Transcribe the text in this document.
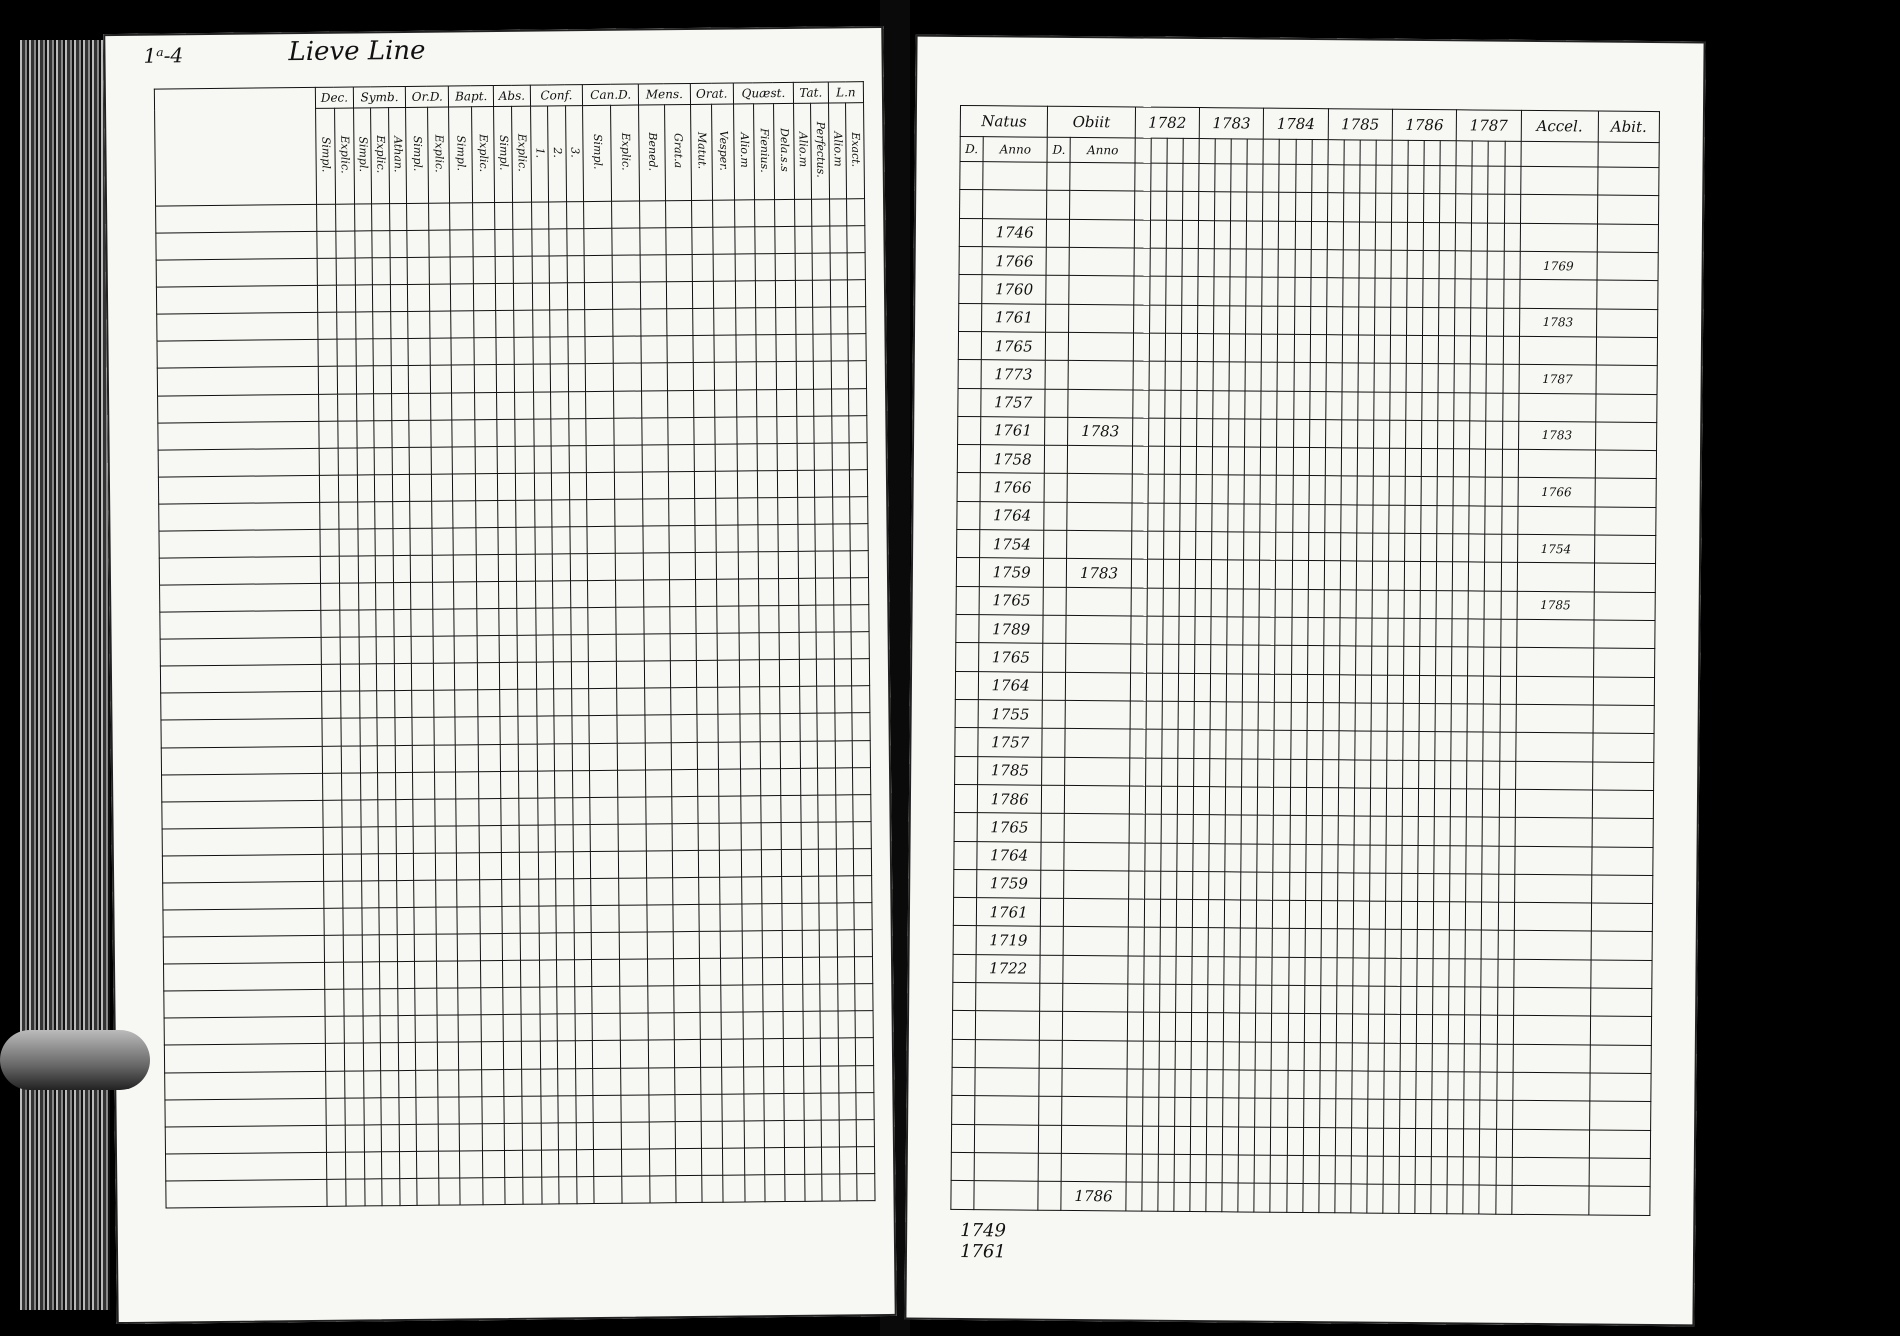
1ᵃ-4	Lieve Line
	Dec.		Symb.			Or.D.		Bapt.		Abs.		Conf.			Can.D.		Mens.		Orat.		Quæst.			Tat.		L.n	
	Simpl.	Explic.	Simpl.	Explic.	Athan.	Simpl.	Explic.	Simpl.	Explic.	Simpl.	Explic.	1.	2.	3.	Simpl.	Explic.	Bened.	Grat.a	Matut.	Vesper.	Alio.m	Fienius.	Dela.s.s	Alio.m	Perfectus.	Alio.m	Exact.

Natus		Obiit		1782				1783				1784				1785				1786				1787				Accel.	Abit.
D.	Anno	D.	Anno																										

	1746																												
	1766																											1769	
	1760																												
	1761																											1783	
	1765																												
	1773																											1787	
	1757																												
	1761		1783																									1783	
	1758																												
	1766																											1766	
	1764																												
	1754																											1754	
	1759		1783																										
	1765																											1785	
	1789																												
	1765																												
	1764																												
	1755																												
	1757																												
	1785																												
	1786																												
	1765																												
	1764																												
	1759																												
	1761																												
	1719																												
	1722																												

			1786																										
1749
1761
